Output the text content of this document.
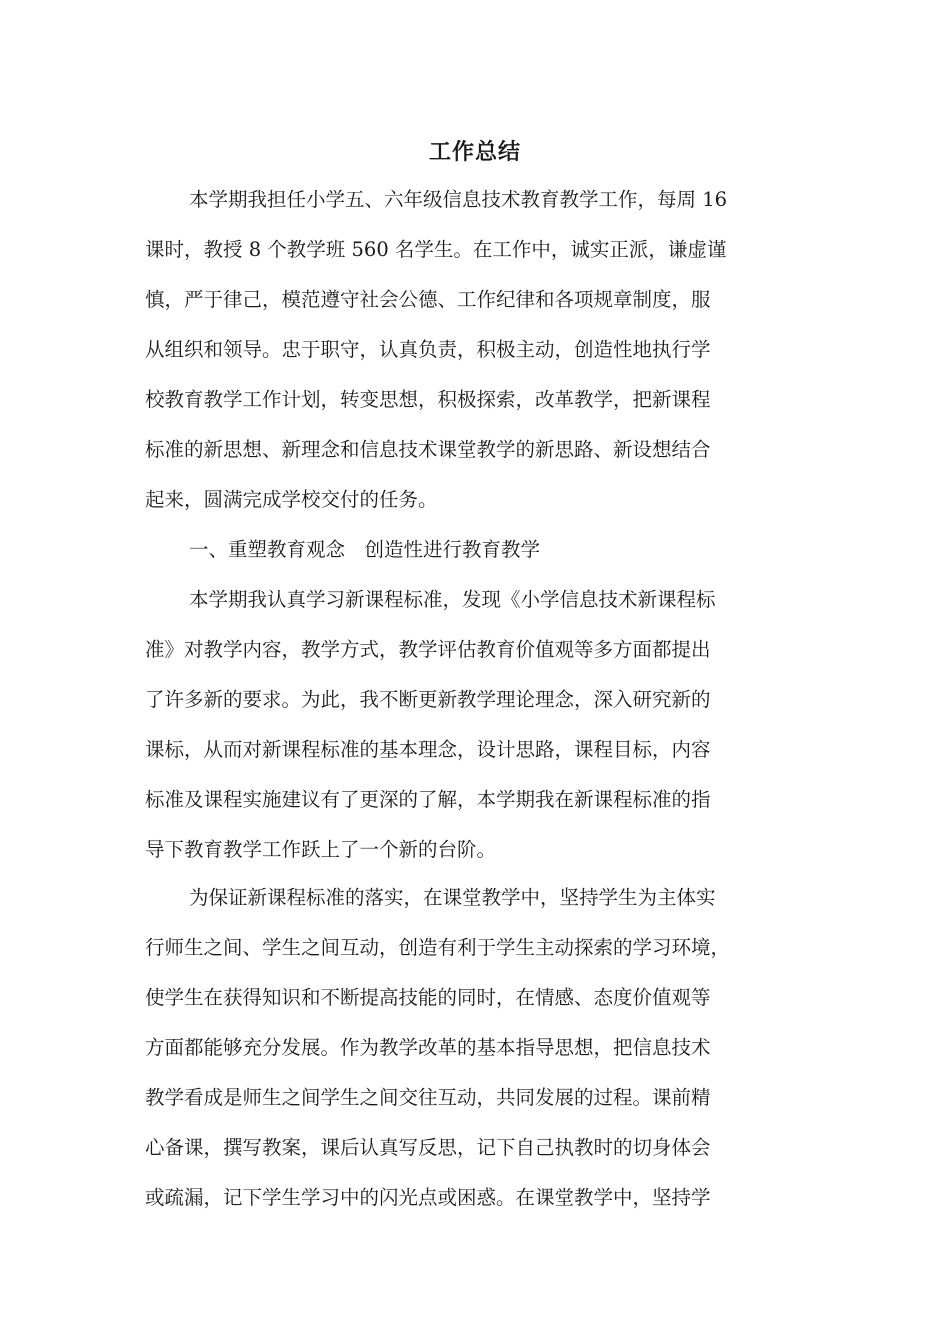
工作总结

本学期我担任小学五、六年级信息技术教育教学工作，每周 16

课时，教授 8 个教学班 560 名学生。在工作中，诚实正派，谦虚谨

慎，严于律己，模范遵守社会公德、工作纪律和各项规章制度，服

从组织和领导。忠于职守，认真负责，积极主动，创造性地执行学

校教育教学工作计划，转变思想，积极探索，改革教学，把新课程

标准的新思想、新理念和信息技术课堂教学的新思路、新设想结合

起来，圆满完成学校交付的任务。

一、重塑教育观念　创造性进行教育教学

本学期我认真学习新课程标准，发现《小学信息技术新课程标

准》对教学内容，教学方式，教学评估教育价值观等多方面都提出

了许多新的要求。为此，我不断更新教学理论理念，深入研究新的

课标，从而对新课程标准的基本理念，设计思路，课程目标，内容

标准及课程实施建议有了更深的了解，本学期我在新课程标准的指

导下教育教学工作跃上了一个新的台阶。

为保证新课程标准的落实，在课堂教学中，坚持学生为主体实

行师生之间、学生之间互动，创造有利于学生主动探索的学习环境，

使学生在获得知识和不断提高技能的同时，在情感、态度价值观等

方面都能够充分发展。作为教学改革的基本指导思想，把信息技术

教学看成是师生之间学生之间交往互动，共同发展的过程。课前精

心备课，撰写教案，课后认真写反思，记下自己执教时的切身体会

或疏漏，记下学生学习中的闪光点或困惑。在课堂教学中，坚持学
